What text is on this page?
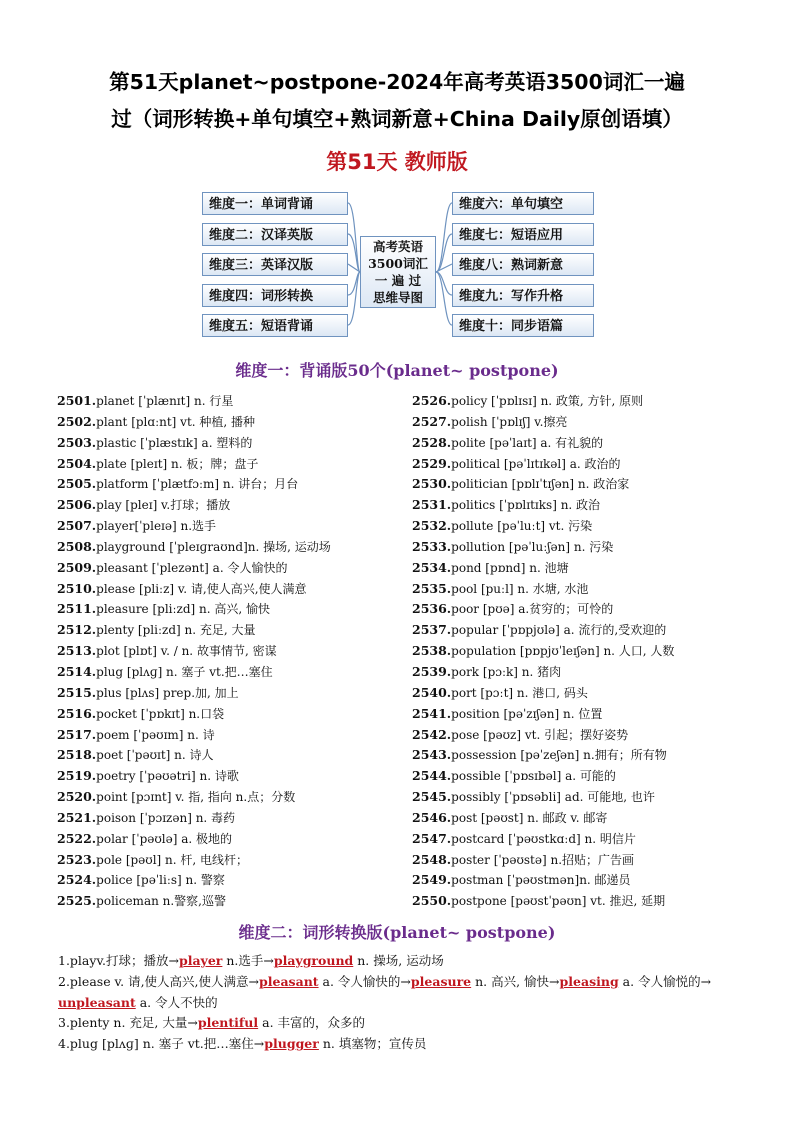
第51天planet~postpone-2024年高考英语3500词汇一遍
过（词形转换+单句填空+熟词新意+China Daily原创语填）
第51天 教师版
维度一：单词背诵
维度二：汉译英版
维度三：英译汉版
维度四：词形转换
维度五：短语背诵
高考英语
3500词汇
一 遍 过
思维导图
维度六：单句填空
维度七：短语应用
维度八：熟词新意
维度九：写作升格
维度十：同步语篇
维度一：背诵版50个(planet~ postpone)
2501.planet [ˈplænɪt] n. 行星
2502.plant [plɑːnt] vt. 种植, 播种
2503.plastic [ˈplæstɪk] a. 塑料的
2504.plate [pleɪt] n. 板；牌；盘子
2505.platform [ˈplætfɔːm] n. 讲台；月台
2506.play [pleɪ] v.打球；播放
2507.player[ˈpleɪə] n.选手
2508.playground [ˈpleɪɡraʊnd]n. 操场, 运动场
2509.pleasant [ˈplezənt] a. 令人愉快的
2510.please [pliːz] v. 请,使人高兴,使人满意
2511.pleasure [pliːzd] n. 高兴, 愉快
2512.plenty [pliːzd] n. 充足, 大量
2513.plot [plɒt] v. / n. 故事情节, 密谋
2514.plug [plʌɡ] n. 塞子 vt.把…塞住
2515.plus [plʌs] prep.加, 加上
2516.pocket [ˈpɒkɪt] n.口袋
2517.poem [ˈpəʊɪm] n. 诗
2518.poet [ˈpəʊɪt] n. 诗人
2519.poetry [ˈpəʊətri] n. 诗歌
2520.point [pɔɪnt] v. 指, 指向 n.点；分数
2521.poison [ˈpɔɪzən] n. 毒药
2522.polar [ˈpəʊlə] a. 极地的
2523.pole [pəʊl] n. 杆, 电线杆；
2524.police [pəˈliːs] n. 警察
2525.policeman n.警察,巡警
2526.policy [ˈpɒlɪsɪ] n. 政策, 方针, 原则
2527.polish [ˈpɒlɪʃ] v.擦亮
2528.polite [pəˈlaɪt] a. 有礼貌的
2529.political [pəˈlɪtɪkəl] a. 政治的
2530.politician [pɒlɪˈtɪʃən] n. 政治家
2531.politics [ˈpɒlɪtɪks] n. 政治
2532.pollute [pəˈluːt] vt. 污染
2533.pollution [pəˈluːʃən] n. 污染
2534.pond [pɒnd] n. 池塘
2535.pool [puːl] n. 水塘, 水池
2536.poor [pʊə] a.贫穷的；可怜的
2537.popular [ˈpɒpjʊlə] a. 流行的,受欢迎的
2538.population [pɒpjʊˈleɪʃən] n. 人口, 人数
2539.pork [pɔːk] n. 猪肉
2540.port [pɔːt] n. 港口, 码头
2541.position [pəˈzɪʃən] n. 位置
2542.pose [pəʊz] vt. 引起；摆好姿势
2543.possession [pəˈzeʃən] n.拥有；所有物
2544.possible [ˈpɒsɪbəl] a. 可能的
2545.possibly [ˈpɒsəbli] ad. 可能地, 也许
2546.post [pəʊst] n. 邮政 v. 邮寄
2547.postcard [ˈpəʊstkɑːd] n. 明信片
2548.poster [ˈpəʊstə] n.招贴；广告画
2549.postman [ˈpəʊstmən]n. 邮递员
2550.postpone [pəʊstˈpəʊn] vt. 推迟, 延期
维度二：词形转换版(planet~ postpone)
1.playv.打球；播放→player n.选手→playground n. 操场, 运动场
2.please v. 请,使人高兴,使人满意→pleasant a. 令人愉快的→pleasure n. 高兴, 愉快→pleasing a. 令人愉悦的→
unpleasant a. 令人不快的
3.plenty n. 充足, 大量→plentiful a. 丰富的，众多的
4.plug [plʌɡ] n. 塞子 vt.把…塞住→plugger n. 填塞物；宣传员
